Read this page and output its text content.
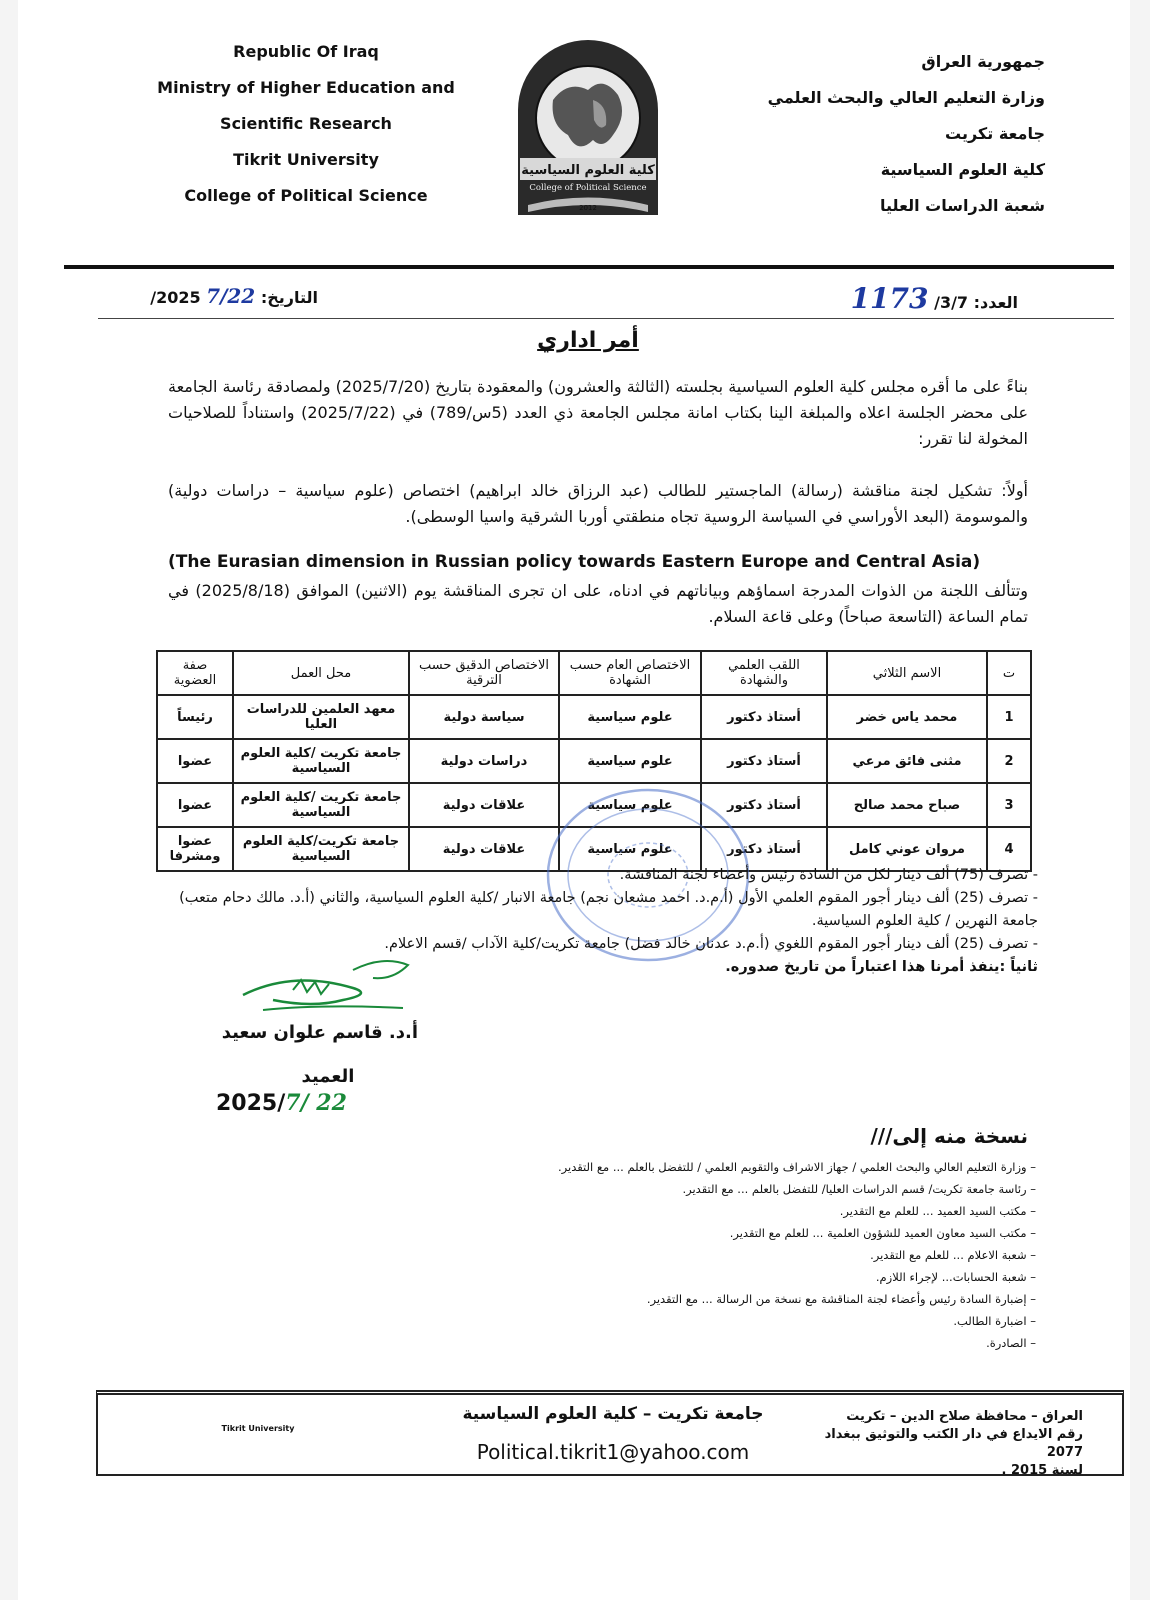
Republic Of Iraq
Ministry of Higher Education and
Scientific Research
Tikrit University
College of Political Science
كلية العلوم السياسية
College of Political Science
2012
جمهورية العراق
وزارة التعليم العالي والبحث العلمي
جامعة تكريت
كلية العلوم السياسية
شعبة الدراسات العليا
العدد: 3/7/ 1173
التاريخ: 7/22 2025/
أمر اداري
بناءً على ما أقره مجلس كلية العلوم السياسية بجلسته (الثالثة والعشرون) والمعقودة بتاريخ (2025/7/20) ولمصادقة رئاسة الجامعة على محضر الجلسة اعلاه والمبلغة الينا بكتاب امانة مجلس الجامعة ذي العدد (5س/789) في (2025/7/22) واستناداً للصلاحيات المخولة لنا تقرر:
أولاً: تشكيل لجنة مناقشة (رسالة) الماجستير للطالب (عبد الرزاق خالد ابراهيم) اختصاص (علوم سياسية – دراسات دولية) والموسومة (البعد الأوراسي في السياسة الروسية تجاه منطقتي أوربا الشرقية واسيا الوسطى).
(The Eurasian dimension in Russian policy towards Eastern Europe and Central Asia)
وتتألف اللجنة من الذوات المدرجة اسماؤهم وبياناتهم في ادناه، على ان تجرى المناقشة يوم (الاثنين) الموافق (2025/8/18) في تمام الساعة (التاسعة صباحاً) وعلى قاعة السلام.
ت	الاسم الثلاثي	اللقب العلمي والشهادة	الاختصاص العام حسب الشهادة	الاختصاص الدقيق حسب الترقية	محل العمل	صفة العضوية
1	محمد ياس خضر	أستاذ دكتور	علوم سياسية	سياسة دولية	معهد العلمين للدراسات العليا	رئيساً
2	مثنى فائق مرعي	أستاذ دكتور	علوم سياسية	دراسات دولية	جامعة تكريت /كلية العلوم السياسية	عضوا
3	صباح محمد صالح	أستاذ دكتور	علوم سياسية	علاقات دولية	جامعة تكريت /كلية العلوم السياسية	عضوا
4	مروان عوني كامل	أستاذ دكتور	علوم سياسية	علاقات دولية	جامعة تكريت/كلية العلوم السياسية	عضوا ومشرفا
- تصرف (75) ألف دينار لكل من السادة رئيس وأعضاء لجنة المناقشة.
- تصرف (25) ألف دينار أجور المقوم العلمي الأول (أ.م.د. احمد مشعان نجم) جامعة الانبار /كلية العلوم السياسية، والثاني (أ.د. مالك دحام متعب) جامعة النهرين / كلية العلوم السياسية.
- تصرف (25) ألف دينار أجور المقوم اللغوي (أ.م.د عدنان خالد فضل) جامعة تكريت/كلية الآداب /قسم الاعلام.
ثانياً :ينفذ أمرنا هذا اعتباراً من تاريخ صدوره.
أ.د. قاسم علوان سعيد
العميد
2025/7/ 22
نسخة منه إلى///
– وزارة التعليم العالي والبحث العلمي / جهاز الاشراف والتقويم العلمي / للتفضل بالعلم ... مع التقدير.
– رئاسة جامعة تكريت/ قسم الدراسات العليا/ للتفضل بالعلم ... مع التقدير.
– مكتب السيد العميد ... للعلم مع التقدير.
– مكتب السيد معاون العميد للشؤون العلمية ... للعلم مع التقدير.
– شعبة الاعلام ... للعلم مع التقدير.
– شعبة الحسابات... لإجراء اللازم.
– إضبارة السادة رئيس وأعضاء لجنة المناقشة مع نسخة من الرسالة ... مع التقدير.
– اضبارة الطالب.
– الصادرة.
العراق – محافظة صلاح الدين – تكريت
رقم الايداع في دار الكتب والتوثيق ببغداد 2077
لسنة 2015 .
جامعة تكريت – كلية العلوم السياسية
Political.tikrit1@yahoo.com
Tikrit University
